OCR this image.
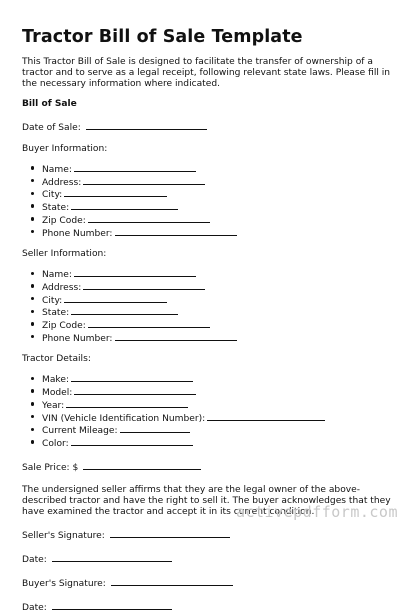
Tractor Bill of Sale Template
This Tractor Bill of Sale is designed to facilitate the transfer of ownership of a tractor and to serve as a legal receipt, following relevant state laws. Please fill in the necessary information where indicated.
Bill of Sale
Date of Sale:
Buyer Information:
Name:
Address:
City:
State:
Zip Code:
Phone Number:
Seller Information:
Name:
Address:
City:
State:
Zip Code:
Phone Number:
Tractor Details:
Make:
Model:
Year:
VIN (Vehicle Identification Number):
Current Mileage:
Color:
Sale Price: $
The undersigned seller affirms that they are the legal owner of the above-described tractor and have the right to sell it. The buyer acknowledges that they have examined the tractor and accept it in its current condition.
Seller's Signature:
Date:
Buyer's Signature:
Date:
activepdfform.com
